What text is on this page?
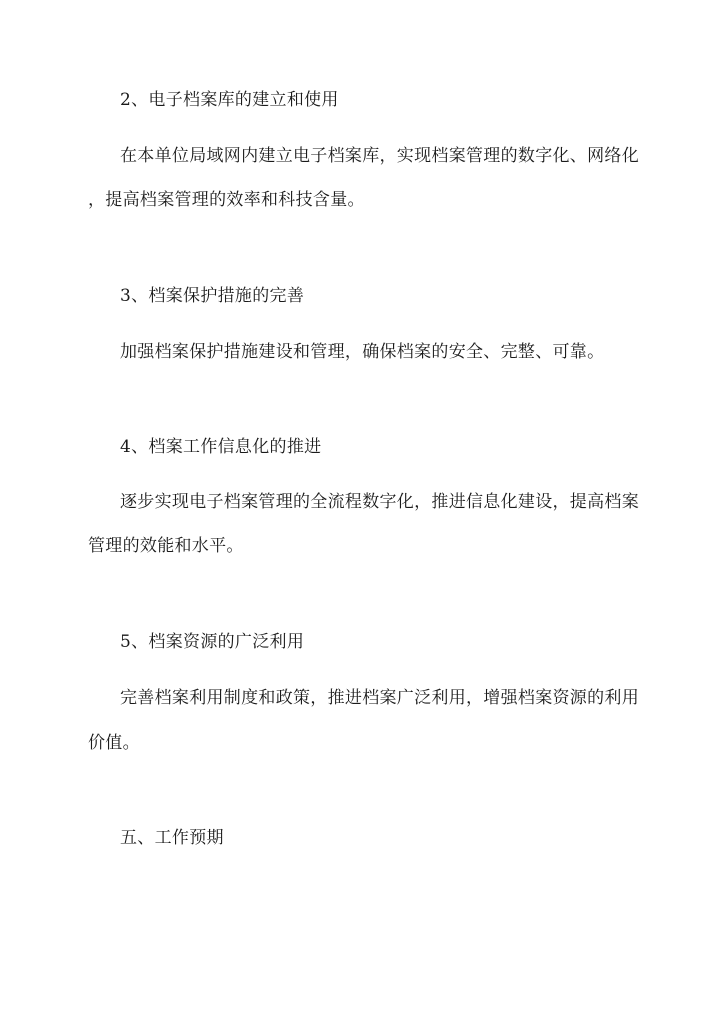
2、电子档案库的建立和使用
在本单位局域网内建立电子档案库，实现档案管理的数字化、网络化
，提高档案管理的效率和科技含量。
3、档案保护措施的完善
加强档案保护措施建设和管理，确保档案的安全、完整、可靠。
4、档案工作信息化的推进
逐步实现电子档案管理的全流程数字化，推进信息化建设，提高档案
管理的效能和水平。
5、档案资源的广泛利用
完善档案利用制度和政策，推进档案广泛利用，增强档案资源的利用
价值。
五、工作预期
